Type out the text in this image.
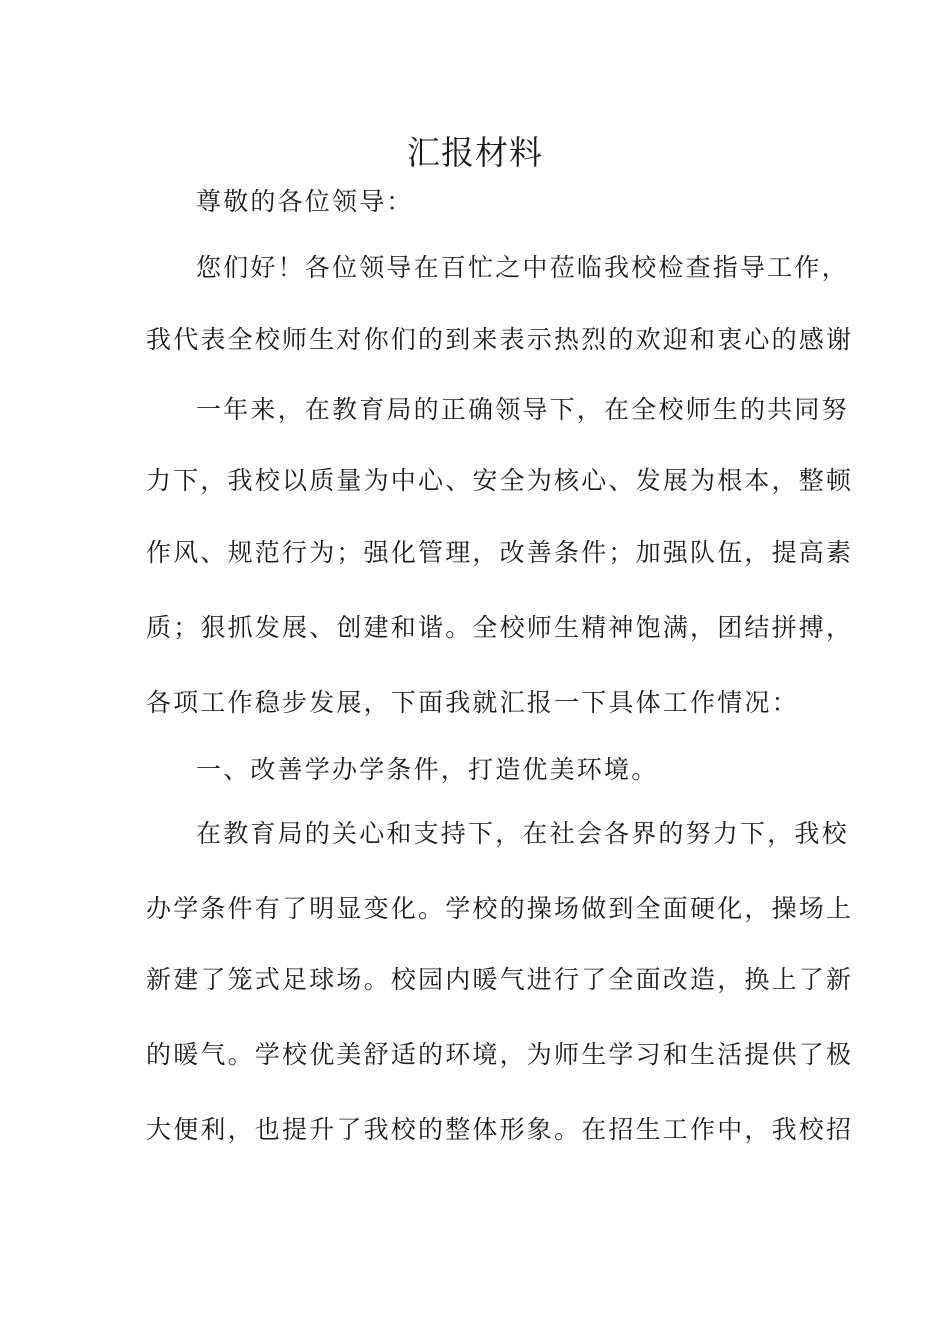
汇报材料

尊敬的各位领导：

您们好！各位领导在百忙之中莅临我校检查指导工作，

我代表全校师生对你们的到来表示热烈的欢迎和衷心的感谢

一年来，在教育局的正确领导下，在全校师生的共同努

力下，我校以质量为中心、安全为核心、发展为根本，整顿

作风、规范行为；强化管理，改善条件；加强队伍，提高素

质；狠抓发展、创建和谐。全校师生精神饱满，团结拼搏，

各项工作稳步发展，下面我就汇报一下具体工作情况：

一、改善学办学条件，打造优美环境。

在教育局的关心和支持下，在社会各界的努力下，我校

办学条件有了明显变化。学校的操场做到全面硬化，操场上

新建了笼式足球场。校园内暖气进行了全面改造，换上了新

的暖气。学校优美舒适的环境，为师生学习和生活提供了极

大便利，也提升了我校的整体形象。在招生工作中，我校招
